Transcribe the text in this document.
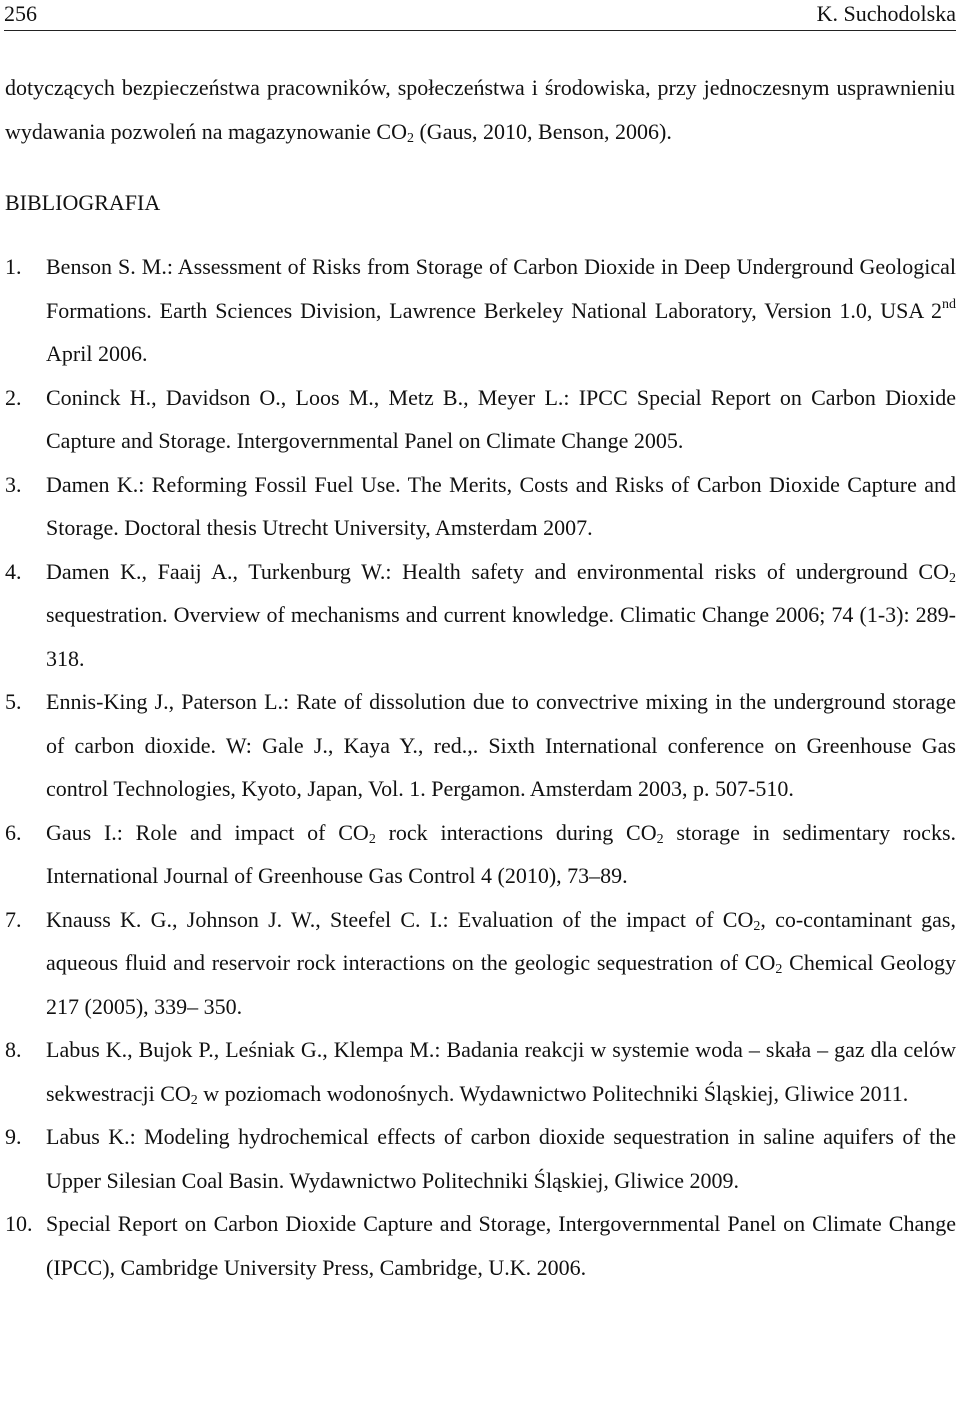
256	K. Suchodolska

dotyczących bezpieczeństwa pracowników, społeczeństwa i środowiska, przy jednoczesnym usprawnieniu wydawania pozwoleń na magazynowanie $CO_2$ (Gaus, 2010, Benson, 2006).

BIBLIOGRAFIA
1. Benson S. M.: Assessment of Risks from Storage of Carbon Dioxide in Deep Underground Geological Formations. Earth Sciences Division, Lawrence Berkeley National Laboratory, Version 1.0, USA 2nd April 2006.
2. Coninck H., Davidson O., Loos M., Metz B., Meyer L.: IPCC Special Report on Carbon Dioxide Capture and Storage. Intergovernmental Panel on Climate Change 2005.
3. Damen K.: Reforming Fossil Fuel Use. The Merits, Costs and Risks of Carbon Dioxide Capture and Storage. Doctoral thesis Utrecht University, Amsterdam 2007.
4. Damen K., Faaij A., Turkenburg W.: Health safety and environmental risks of underground $CO_2$ sequestration. Overview of mechanisms and current knowledge. Climatic Change 2006; 74 (1-3): 289-318.
5. Ennis-King J., Paterson L.: Rate of dissolution due to convectrive mixing in the underground storage of carbon dioxide. W: Gale J., Kaya Y., red.,. Sixth International conference on Greenhouse Gas control Technologies, Kyoto, Japan, Vol. 1. Pergamon. Amsterdam 2003, p. 507-510.
6. Gaus I.: Role and impact of $CO_2$ rock interactions during $CO_2$ storage in sedimentary rocks. International Journal of Greenhouse Gas Control 4 (2010), 73–89.
7. Knauss K. G., Johnson J. W., Steefel C. I.: Evaluation of the impact of $CO_2$, co-contaminant gas, aqueous fluid and reservoir rock interactions on the geologic sequestration of $CO_2$ Chemical Geology 217 (2005), 339– 350.
8. Labus K., Bujok P., Leśniak G., Klempa M.: Badania reakcji w systemie woda – skała – gaz dla celów sekwestracji $CO_2$ w poziomach wodonośnych. Wydawnictwo Politechniki Śląskiej, Gliwice 2011.
9. Labus K.: Modeling hydrochemical effects of carbon dioxide sequestration in saline aquifers of the Upper Silesian Coal Basin. Wydawnictwo Politechniki Śląskiej, Gliwice 2009.
10. Special Report on Carbon Dioxide Capture and Storage, Intergovernmental Panel on Climate Change (IPCC), Cambridge University Press, Cambridge, U.K. 2006.
